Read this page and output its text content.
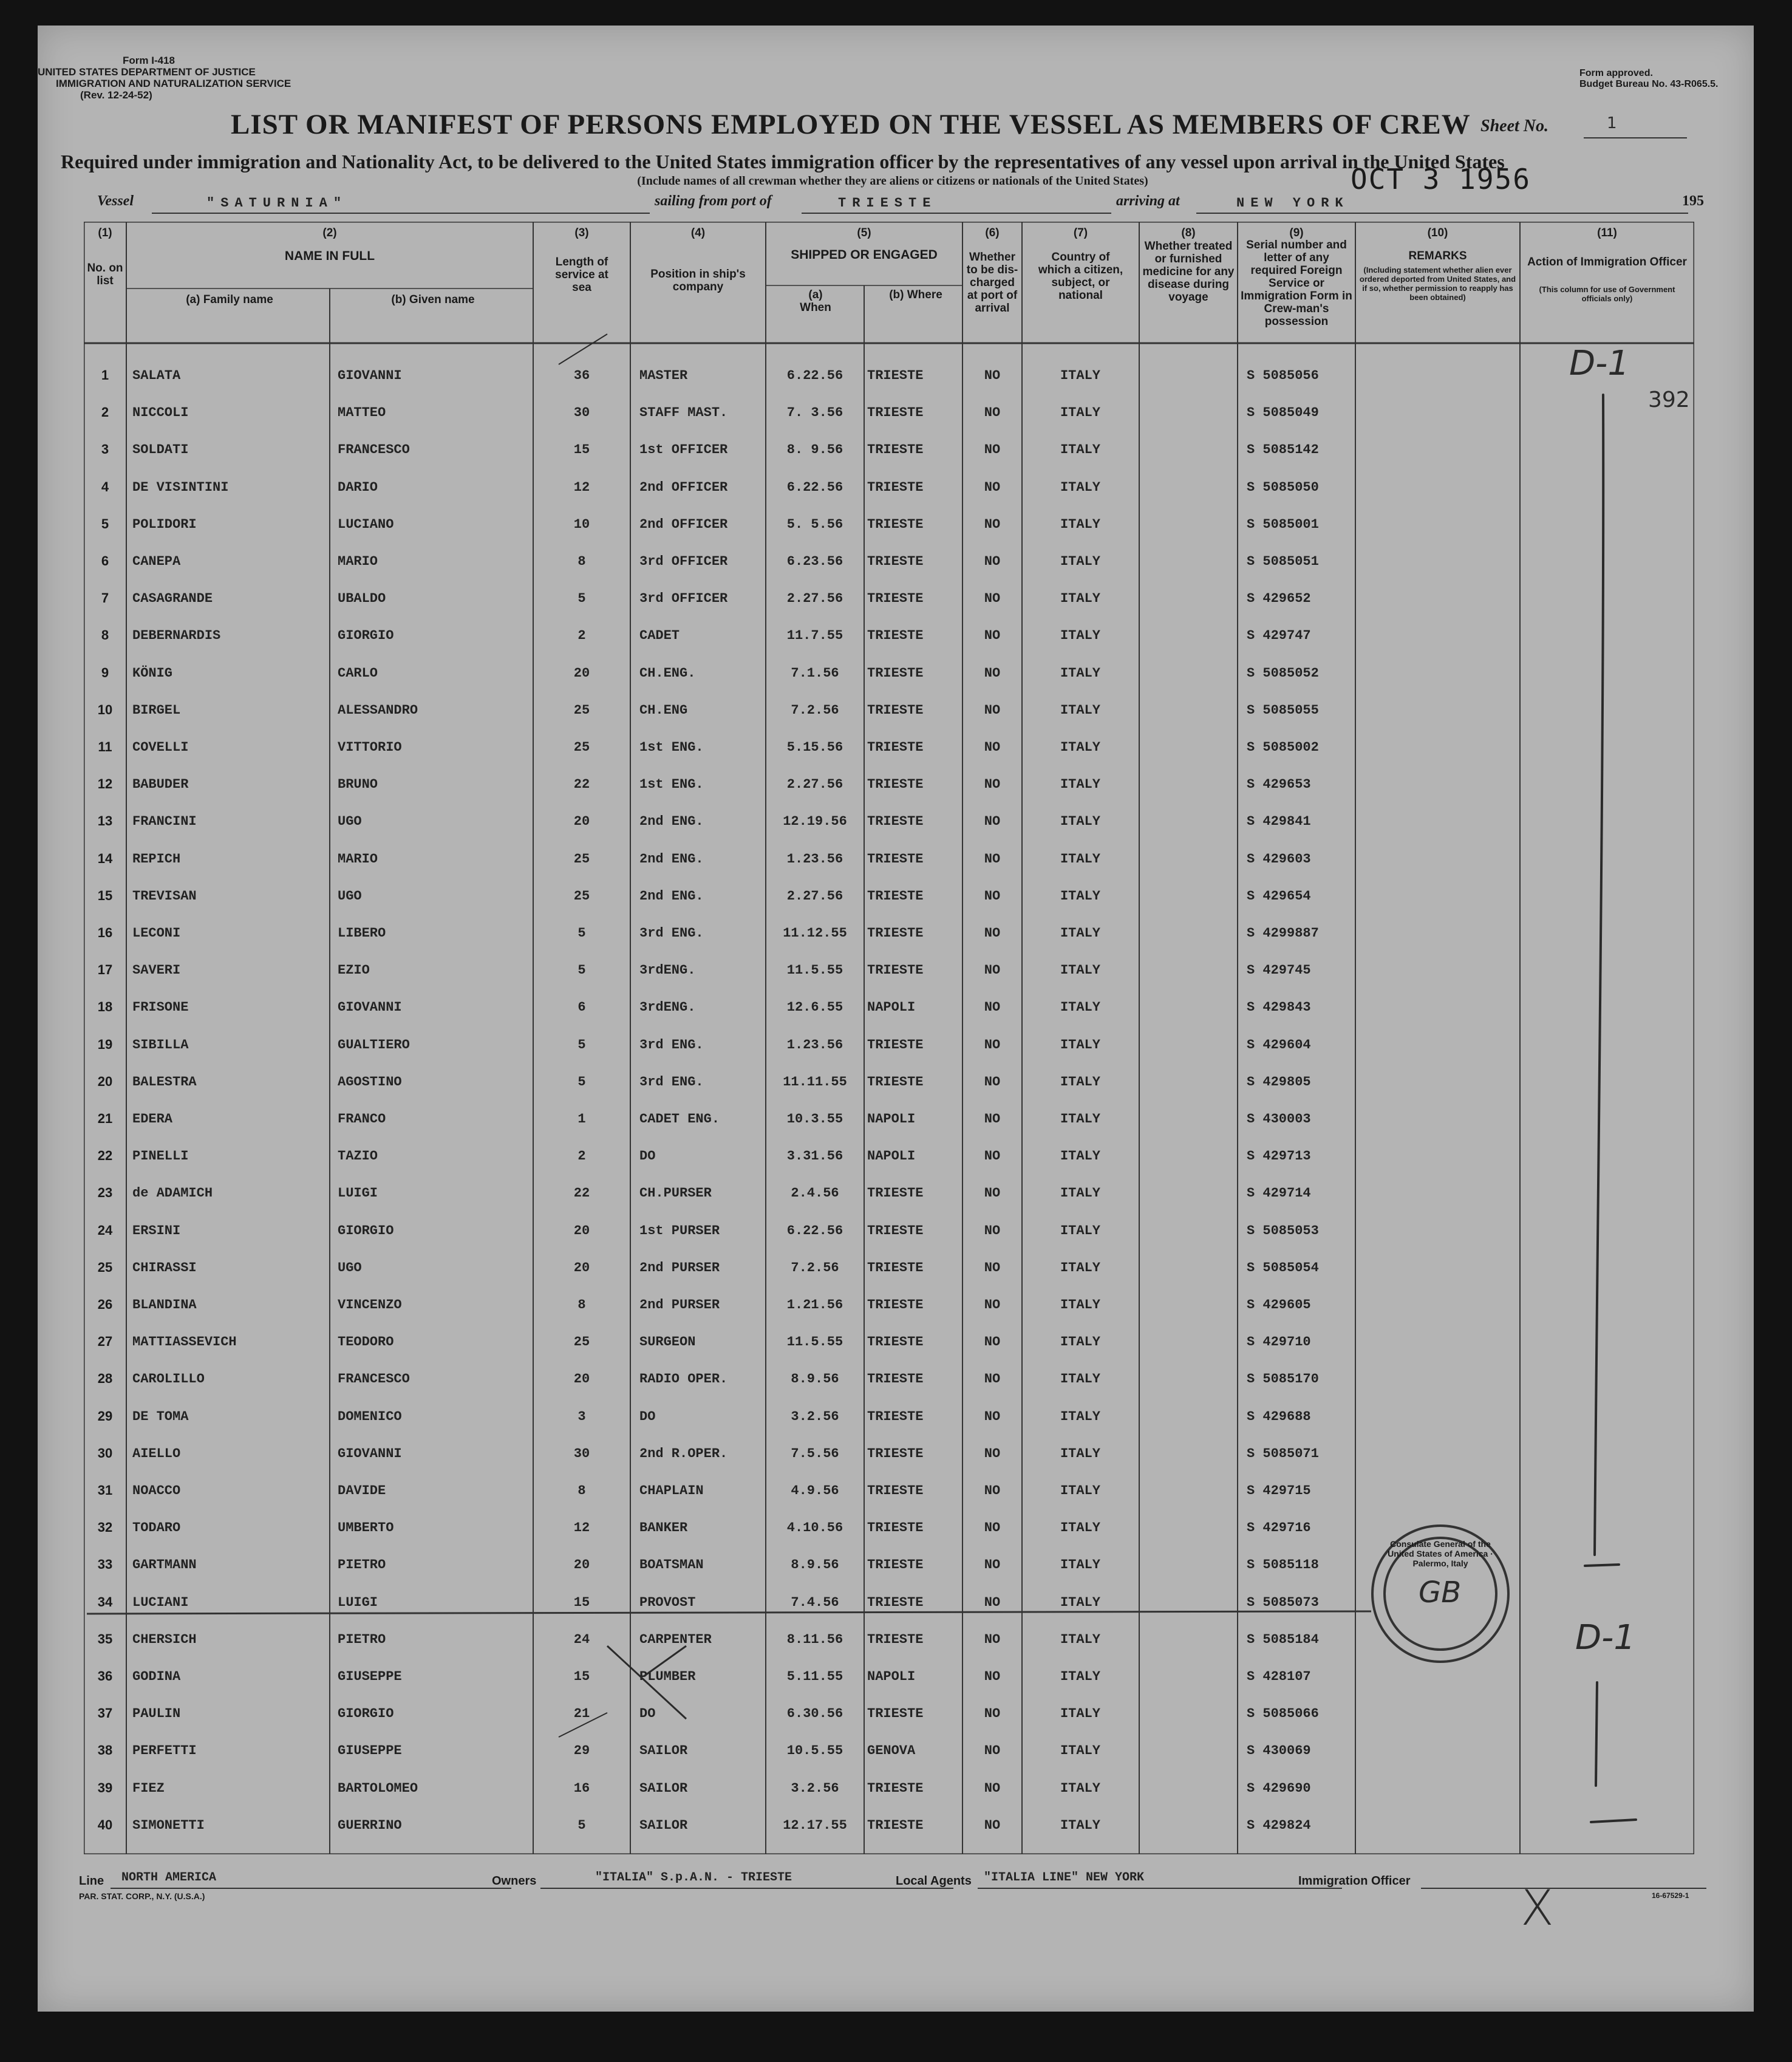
Form I-418
UNITED STATES DEPARTMENT OF JUSTICE
IMMIGRATION AND NATURALIZATION SERVICE
(Rev. 12-24-52)
Form approved.
Budget Bureau No. 43-R065.5.
LIST OR MANIFEST OF PERSONS EMPLOYED ON THE VESSEL AS MEMBERS OF CREW Sheet No.	1
Required under immigration and Nationality Act, to be delivered to the United States immigration officer by the representatives of any vessel upon arrival in the United States
(Include names of all crewman whether they are aliens or citizens or nationals of the United States)	OCT 3 1956
Vessel	"SATURNIA"	sailing from port of	TRIESTE	arriving at	NEW YORK	195
(1)
No. on list
(2)
NAME IN FULL
(a) Family name	(b) Given name
(3)
Length of service at sea
(4)
Position in ship's company
(5)
SHIPPED OR ENGAGED
(a) When
(b) Where
(6)
Whether to be dis-charged at port of arrival
(7)
Country of which a citizen, subject, or national
(8)
Whether treated or furnished medicine for any disease during voyage
(9)
Serial number and letter of any required Foreign Service or Immigration Form in Crew-man's possession
(10)
REMARKS
(Including statement whether alien ever ordered deported from United States, and if so, whether permission to reapply has been obtained)
(11)
Action of Immigration Officer
(This column for use of Government officials only)
1	SALATA	GIOVANNI	36	MASTER	6.22.56	TRIESTE	NO	ITALY	S 5085056
2	NICCOLI	MATTEO	30	STAFF MAST.	7. 3.56	TRIESTE	NO	ITALY	S 5085049
3	SOLDATI	FRANCESCO	15	1st OFFICER	8. 9.56	TRIESTE	NO	ITALY	S 5085142
4	DE VISINTINI	DARIO	12	2nd OFFICER	6.22.56	TRIESTE	NO	ITALY	S 5085050
5	POLIDORI	LUCIANO	10	2nd OFFICER	5. 5.56	TRIESTE	NO	ITALY	S 5085001
6	CANEPA	MARIO	8	3rd OFFICER	6.23.56	TRIESTE	NO	ITALY	S 5085051
7	CASAGRANDE	UBALDO	5	3rd OFFICER	2.27.56	TRIESTE	NO	ITALY	S 429652
8	DEBERNARDIS	GIORGIO	2	CADET	11.7.55	TRIESTE	NO	ITALY	S 429747
9	KÖNIG	CARLO	20	CH.ENG.	7.1.56	TRIESTE	NO	ITALY	S 5085052
10	BIRGEL	ALESSANDRO	25	CH.ENG	7.2.56	TRIESTE	NO	ITALY	S 5085055
11	COVELLI	VITTORIO	25	1st ENG.	5.15.56	TRIESTE	NO	ITALY	S 5085002
12	BABUDER	BRUNO	22	1st ENG.	2.27.56	TRIESTE	NO	ITALY	S 429653
13	FRANCINI	UGO	20	2nd ENG.	12.19.56	TRIESTE	NO	ITALY	S 429841
14	REPICH	MARIO	25	2nd ENG.	1.23.56	TRIESTE	NO	ITALY	S 429603
15	TREVISAN	UGO	25	2nd ENG.	2.27.56	TRIESTE	NO	ITALY	S 429654
16	LECONI	LIBERO	5	3rd ENG.	11.12.55	TRIESTE	NO	ITALY	S 4299887
17	SAVERI	EZIO	5	3rdENG.	11.5.55	TRIESTE	NO	ITALY	S 429745
18	FRISONE	GIOVANNI	6	3rdENG.	12.6.55	NAPOLI	NO	ITALY	S 429843
19	SIBILLA	GUALTIERO	5	3rd ENG.	1.23.56	TRIESTE	NO	ITALY	S 429604
20	BALESTRA	AGOSTINO	5	3rd ENG.	11.11.55	TRIESTE	NO	ITALY	S 429805
21	EDERA	FRANCO	1	CADET ENG.	10.3.55	NAPOLI	NO	ITALY	S 430003
22	PINELLI	TAZIO	2	DO	3.31.56	NAPOLI	NO	ITALY	S 429713
23	de ADAMICH	LUIGI	22	CH.PURSER	2.4.56	TRIESTE	NO	ITALY	S 429714
24	ERSINI	GIORGIO	20	1st PURSER	6.22.56	TRIESTE	NO	ITALY	S 5085053
25	CHIRASSI	UGO	20	2nd PURSER	7.2.56	TRIESTE	NO	ITALY	S 5085054
26	BLANDINA	VINCENZO	8	2nd PURSER	1.21.56	TRIESTE	NO	ITALY	S 429605
27	MATTIASSEVICH	TEODORO	25	SURGEON	11.5.55	TRIESTE	NO	ITALY	S 429710
28	CAROLILLO	FRANCESCO	20	RADIO OPER.	8.9.56	TRIESTE	NO	ITALY	S 5085170
29	DE TOMA	DOMENICO	3	DO	3.2.56	TRIESTE	NO	ITALY	S 429688
30	AIELLO	GIOVANNI	30	2nd R.OPER.	7.5.56	TRIESTE	NO	ITALY	S 5085071
31	NOACCO	DAVIDE	8	CHAPLAIN	4.9.56	TRIESTE	NO	ITALY	S 429715
32	TODARO	UMBERTO	12	BANKER	4.10.56	TRIESTE	NO	ITALY	S 429716
33	GARTMANN	PIETRO	20	BOATSMAN	8.9.56	TRIESTE	NO	ITALY	S 5085118
34	LUCIANI	LUIGI	15	PROVOST	7.4.56	TRIESTE	NO	ITALY	S 5085073
35	CHERSICH	PIETRO	24	CARPENTER	8.11.56	TRIESTE	NO	ITALY	S 5085184
36	GODINA	GIUSEPPE	15	PLUMBER	5.11.55	NAPOLI	NO	ITALY	S 428107
37	PAULIN	GIORGIO	21	DO	6.30.56	TRIESTE	NO	ITALY	S 5085066
38	PERFETTI	GIUSEPPE	29	SAILOR	10.5.55	GENOVA	NO	ITALY	S 430069
39	FIEZ	BARTOLOMEO	16	SAILOR	3.2.56	TRIESTE	NO	ITALY	S 429690
40	SIMONETTI	GUERRINO	5	SAILOR	12.17.55	TRIESTE	NO	ITALY	S 429824
D-1
392
D-1
Consulate General of the United States of America · Palermo, Italy
GB
Line NORTH AMERICA	Owners	"ITALIA" S.p.A.N. - TRIESTE	Local Agents "ITALIA LINE" NEW YORK	Immigration Officer
PAR. STAT. CORP., N.Y. (U.S.A.)	16-67529-1
X
